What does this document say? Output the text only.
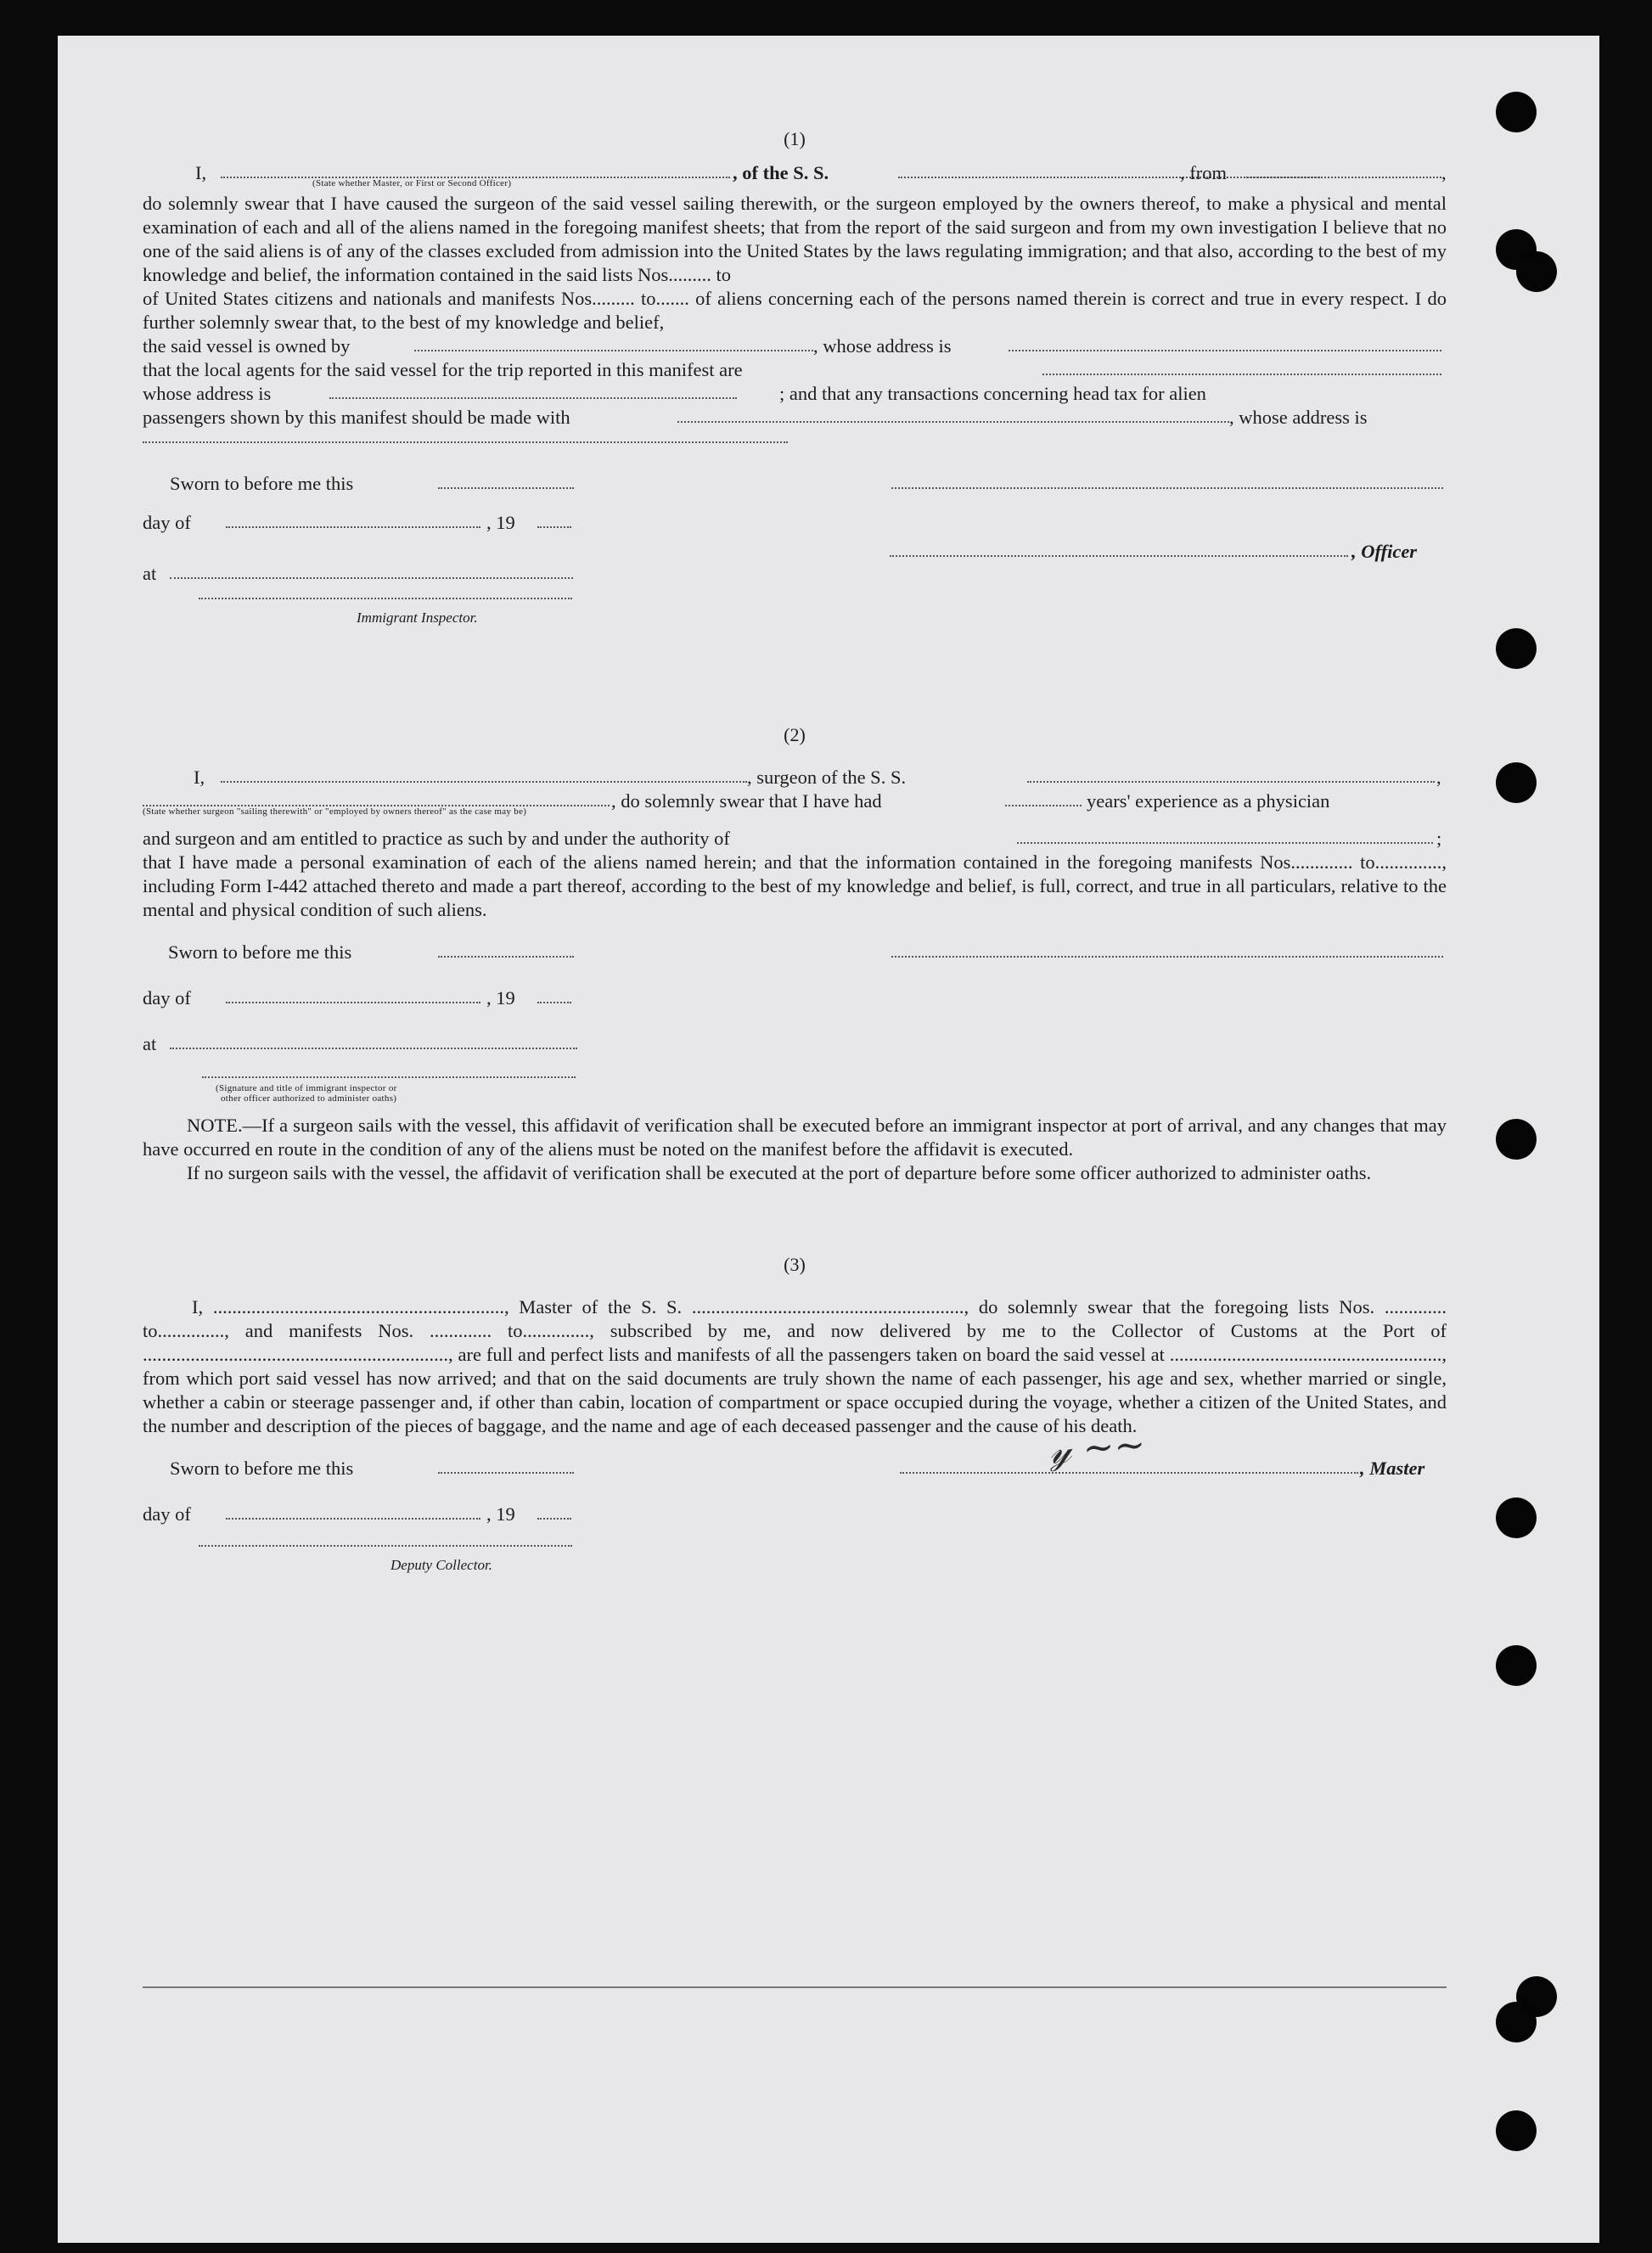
(1)
I,	, of the S. S.	, from	,
(State whether Master, or First or Second Officer)
do solemnly swear that I have caused the surgeon of the said vessel sailing therewith, or the surgeon employed by the owners thereof, to make a physical and mental examination of each and all of the aliens named in the foregoing manifest sheets; that from the report of the said surgeon and from my own investigation I believe that no one of the said aliens is of any of the classes excluded from admission into the United States by the laws regulating immigration; and that also, according to the best of my knowledge and belief, the information contained in the said lists Nos......... to
of United States citizens and nationals and manifests Nos......... to....... of aliens concerning each of the persons named therein is correct and true in every respect. I do further solemnly swear that, to the best of my knowledge and belief,
the said vessel is owned by	, whose address is
that the local agents for the said vessel for the trip reported in this manifest are
whose address is	; and that any transactions concerning head tax for alien
passengers shown by this manifest should be made with	, whose address is
Sworn to before me this
day of	, 19
, Officer
at
Immigrant Inspector.
(2)
I,	, surgeon of the S. S.	,
, do solemnly swear that I have had	years' experience as a physician
(State whether surgeon "sailing therewith" or "employed by owners thereof" as the case may be)
and surgeon and am entitled to practice as such by and under the authority of	;
that I have made a personal examination of each of the aliens named herein; and that the information contained in the foregoing manifests Nos............. to.............., including Form I-442 attached thereto and made a part thereof, according to the best of my knowledge and belief, is full, correct, and true in all particulars, relative to the mental and physical condition of such aliens.
Sworn to before me this
day of	, 19
at
(Signature and title of immigrant inspector or
other officer authorized to administer oaths)
NOTE.—If a surgeon sails with the vessel, this affidavit of verification shall be executed before an immigrant inspector at port of arrival, and any changes that may have occurred en route in the condition of any of the aliens must be noted on the manifest before the affidavit is executed.
If no surgeon sails with the vessel, the affidavit of verification shall be executed at the port of departure before some officer authorized to administer oaths.
(3)
I, ............................................................., Master of the S. S. ........................................................., do solemnly swear that the foregoing lists Nos. ............. to.............., and manifests Nos. ............. to.............., subscribed by me, and now delivered by me to the Collector of Customs at the Port of ................................................................, are full and perfect lists and manifests of all the passengers taken on board the said vessel at ........................................................., from which port said vessel has now arrived; and that on the said documents are truly shown the name of each passenger, his age and sex, whether married or single, whether a cabin or steerage passenger and, if other than cabin, location of compartment or space occupied during the voyage, whether a citizen of the United States, and the number and description of the pieces of baggage, and the name and age of each deceased passenger and the cause of his death.
Sworn to before me this	, Master
day of	, 19
Deputy Collector.
𝓎 ~~
